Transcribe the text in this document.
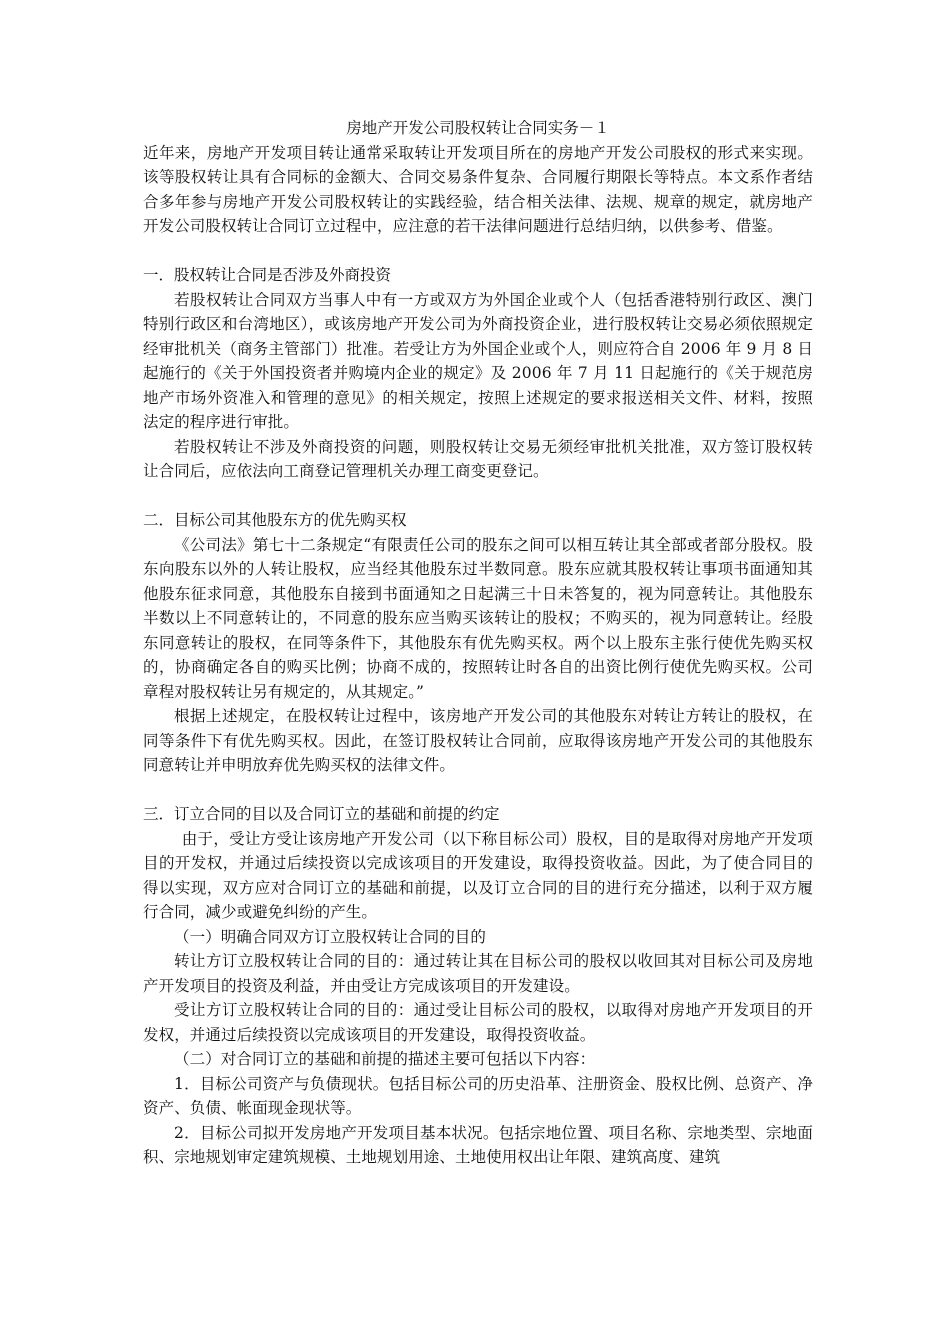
房地产开发公司股权转让合同实务－１

近年来，房地产开发项目转让通常采取转让开发项目所在的房地产开发公司股权的形式来实现。该等股权转让具有合同标的金额大、合同交易条件复杂、合同履行期限长等特点。本文系作者结合多年参与房地产开发公司股权转让的实践经验，结合相关法律、法规、规章的规定，就房地产开发公司股权转让合同订立过程中，应注意的若干法律问题进行总结归纳，以供参考、借鉴。

一．股权转让合同是否涉及外商投资

若股权转让合同双方当事人中有一方或双方为外国企业或个人（包括香港特别行政区、澳门特别行政区和台湾地区），或该房地产开发公司为外商投资企业，进行股权转让交易必须依照规定经审批机关（商务主管部门）批准。若受让方为外国企业或个人，则应符合自 2006 年 9 月 8 日起施行的《关于外国投资者并购境内企业的规定》及 2006 年 7 月 11 日起施行的《关于规范房地产市场外资准入和管理的意见》的相关规定，按照上述规定的要求报送相关文件、材料，按照法定的程序进行审批。

若股权转让不涉及外商投资的问题，则股权转让交易无须经审批机关批准，双方签订股权转让合同后，应依法向工商登记管理机关办理工商变更登记。

二．目标公司其他股东方的优先购买权

《公司法》第七十二条规定“有限责任公司的股东之间可以相互转让其全部或者部分股权。股东向股东以外的人转让股权，应当经其他股东过半数同意。股东应就其股权转让事项书面通知其他股东征求同意，其他股东自接到书面通知之日起满三十日未答复的，视为同意转让。其他股东半数以上不同意转让的，不同意的股东应当购买该转让的股权；不购买的，视为同意转让。经股东同意转让的股权，在同等条件下，其他股东有优先购买权。两个以上股东主张行使优先购买权的，协商确定各自的购买比例；协商不成的，按照转让时各自的出资比例行使优先购买权。公司章程对股权转让另有规定的，从其规定。”

根据上述规定，在股权转让过程中，该房地产开发公司的其他股东对转让方转让的股权，在同等条件下有优先购买权。因此，在签订股权转让合同前，应取得该房地产开发公司的其他股东同意转让并申明放弃优先购买权的法律文件。

三．订立合同的目以及合同订立的基础和前提的约定

由于，受让方受让该房地产开发公司（以下称目标公司）股权，目的是取得对房地产开发项目的开发权，并通过后续投资以完成该项目的开发建设，取得投资收益。因此，为了使合同目的得以实现，双方应对合同订立的基础和前提，以及订立合同的目的进行充分描述，以利于双方履行合同，减少或避免纠纷的产生。

（一）明确合同双方订立股权转让合同的目的

转让方订立股权转让合同的目的：通过转让其在目标公司的股权以收回其对目标公司及房地产开发项目的投资及利益，并由受让方完成该项目的开发建设。

受让方订立股权转让合同的目的：通过受让目标公司的股权，以取得对房地产开发项目的开发权，并通过后续投资以完成该项目的开发建设，取得投资收益。

（二）对合同订立的基础和前提的描述主要可包括以下内容：

1．目标公司资产与负债现状。包括目标公司的历史沿革、注册资金、股权比例、总资产、净资产、负债、帐面现金现状等。

2．目标公司拟开发房地产开发项目基本状况。包括宗地位置、项目名称、宗地类型、宗地面积、宗地规划审定建筑规模、土地规划用途、土地使用权出让年限、建筑高度、建筑
